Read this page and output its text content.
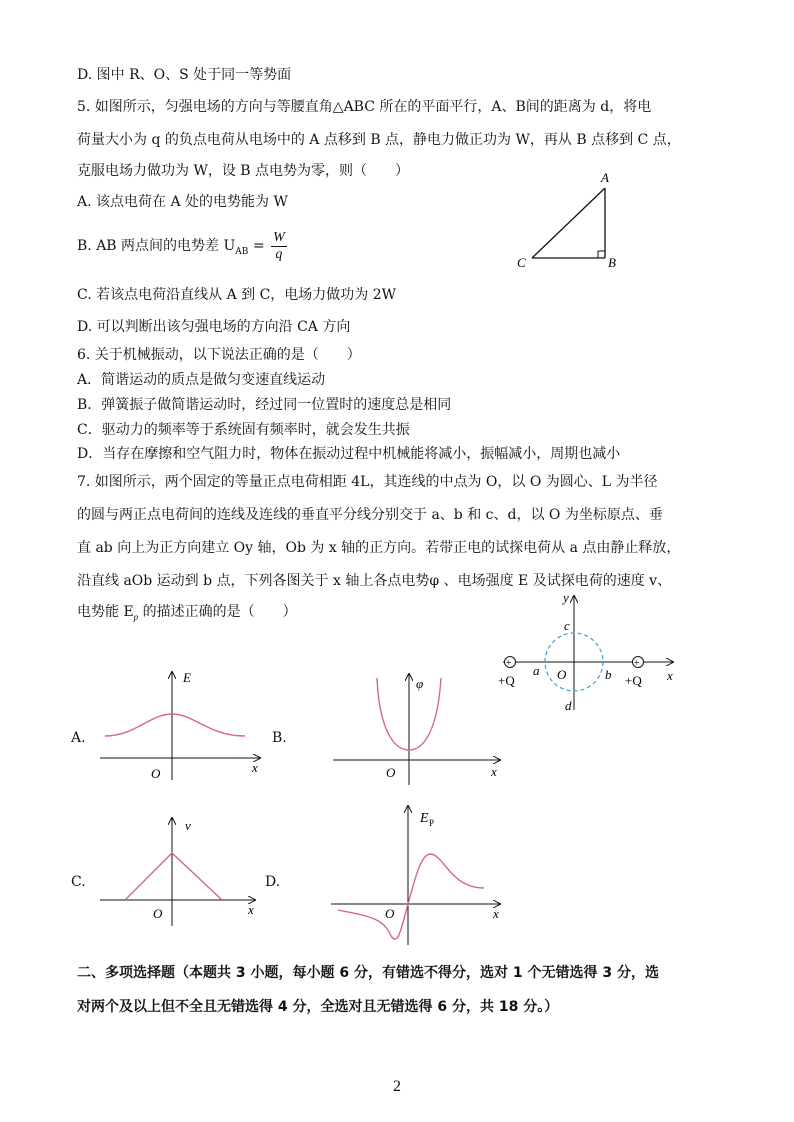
D. 图中 R、O、S 处于同一等势面
5. 如图所示，匀强电场的方向与等腰直角△ABC 所在的平面平行，A、B间的距离为 d，将电
荷量大小为 q 的负点电荷从电场中的 A 点移到 B 点，静电力做正功为 W，再从 B 点移到 C 点，
克服电场力做功为 W，设 B 点电势为零，则（　　）
A. 该点电荷在 A 处的电势能为 W
B. AB 两点间的电势差 $U_{AB} = \frac{W}{q}$
C. 若该点电荷沿直线从 A 到 C，电场力做功为 2W
D. 可以判断出该匀强电场的方向沿 CA 方向
A
B
C
6. 关于机械振动，以下说法正确的是（　　）
A．简谐运动的质点是做匀变速直线运动
B．弹簧振子做简谐运动时，经过同一位置时的速度总是相同
C．驱动力的频率等于系统固有频率时，就会发生共振
D．当存在摩擦和空气阻力时，物体在振动过程中机械能将减小，振幅减小，周期也减小
7. 如图所示，两个固定的等量正点电荷相距 4L，其连线的中点为 O，以 O 为圆心、L 为半径
的圆与两正点电荷间的连线及连线的垂直平分线分别交于 a、b 和 c、d，以 O 为坐标原点、垂
直 ab 向上为正方向建立 Oy 轴，Ob 为 x 轴的正方向。若带正电的试探电荷从 a 点由静止释放，
沿直线 aOb 运动到 b 点，下列各图关于 x 轴上各点电势φ 、电场强度 E 及试探电荷的速度 v、
电势能 $E_p$ 的描述正确的是（　　）
+	+
y
x
c
d
a	b
O
+Q	+Q
A.	B.
C.	D.
E
x
O
φ
x
O
v
x
O
E P
x
O
二、多项选择题（本题共 3 小题，每小题 6 分，有错选不得分，选对 1 个无错选得 3 分，选
对两个及以上但不全且无错选得 4 分，全选对且无错选得 6 分，共 18 分。）
2
